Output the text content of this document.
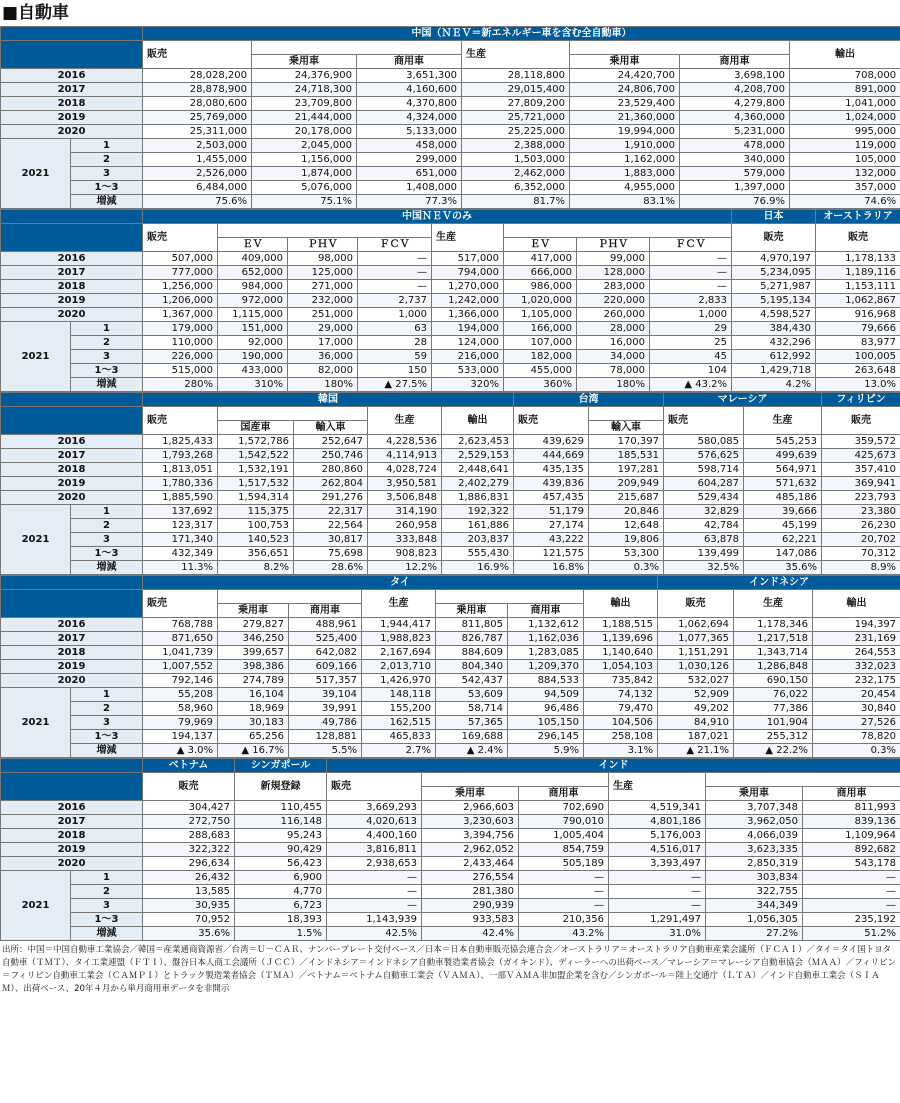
■自動車
		中国（ＮＥＶ＝新エネルギー車を含む全自動車）						
		販売			生産			輸出
			乗用車	商用車		乗用車	商用車	
2016		28,028,200	24,376,900	3,651,300	28,118,800	24,420,700	3,698,100	708,000
2017		28,878,900	24,718,300	4,160,600	29,015,400	24,806,700	4,208,700	891,000
2018		28,080,600	23,709,800	4,370,800	27,809,200	23,529,400	4,279,800	1,041,000
2019		25,769,000	21,444,000	4,324,000	25,721,000	21,360,000	4,360,000	1,024,000
2020		25,311,000	20,178,000	5,133,000	25,225,000	19,994,000	5,231,000	995,000
2021	1	2,503,000	2,045,000	458,000	2,388,000	1,910,000	478,000	119,000
	2	1,455,000	1,156,000	299,000	1,503,000	1,162,000	340,000	105,000
	3	2,526,000	1,874,000	651,000	2,462,000	1,883,000	579,000	132,000
	1～3	6,484,000	5,076,000	1,408,000	6,352,000	4,955,000	1,397,000	357,000
	増減	75.6%	75.1%	77.3%	81.7%	83.1%	76.9%	74.6%
		中国ＮＥＶのみ								日本	オーストラリア
		販売				生産				販売	販売
			ＥＶ	ＰＨＶ	ＦＣＶ		ＥＶ	ＰＨＶ	ＦＣＶ		
2016		507,000	409,000	98,000	—	517,000	417,000	99,000	—	4,970,197	1,178,133
2017		777,000	652,000	125,000	—	794,000	666,000	128,000	—	5,234,095	1,189,116
2018		1,256,000	984,000	271,000	—	1,270,000	986,000	283,000	—	5,271,987	1,153,111
2019		1,206,000	972,000	232,000	2,737	1,242,000	1,020,000	220,000	2,833	5,195,134	1,062,867
2020		1,367,000	1,115,000	251,000	1,000	1,366,000	1,105,000	260,000	1,000	4,598,527	916,968
2021	1	179,000	151,000	29,000	63	194,000	166,000	28,000	29	384,430	79,666
	2	110,000	92,000	17,000	28	124,000	107,000	16,000	25	432,296	83,977
	3	226,000	190,000	36,000	59	216,000	182,000	34,000	45	612,992	100,005
	1～3	515,000	433,000	82,000	150	533,000	455,000	78,000	104	1,429,718	263,648
	増減	280%	310%	180%	▲ 27.5%	320%	360%	180%	▲ 43.2%	4.2%	13.0%
		韓国					台湾		マレーシア		フィリピン
		販売			生産	輸出	販売		販売	生産	販売
			国産車	輸入車				輸入車			
2016		1,825,433	1,572,786	252,647	4,228,536	2,623,453	439,629	170,397	580,085	545,253	359,572
2017		1,793,268	1,542,522	250,746	4,114,913	2,529,153	444,669	185,531	576,625	499,639	425,673
2018		1,813,051	1,532,191	280,860	4,028,724	2,448,641	435,135	197,281	598,714	564,971	357,410
2019		1,780,336	1,517,532	262,804	3,950,581	2,402,279	439,836	209,949	604,287	571,632	369,941
2020		1,885,590	1,594,314	291,276	3,506,848	1,886,831	457,435	215,687	529,434	485,186	223,793
2021	1	137,692	115,375	22,317	314,190	192,322	51,179	20,846	32,829	39,666	23,380
	2	123,317	100,753	22,564	260,958	161,886	27,174	12,648	42,784	45,199	26,230
	3	171,340	140,523	30,817	333,848	203,837	43,222	19,806	63,878	62,221	20,702
	1～3	432,349	356,651	75,698	908,823	555,430	121,575	53,300	139,499	147,086	70,312
	増減	11.3%	8.2%	28.6%	12.2%	16.9%	16.8%	0.3%	32.5%	35.6%	8.9%
		タイ							インドネシア		
		販売			生産			輸出	販売	生産	輸出
			乗用車	商用車		乗用車	商用車				
2016		768,788	279,827	488,961	1,944,417	811,805	1,132,612	1,188,515	1,062,694	1,178,346	194,397
2017		871,650	346,250	525,400	1,988,823	826,787	1,162,036	1,139,696	1,077,365	1,217,518	231,169
2018		1,041,739	399,657	642,082	2,167,694	884,609	1,283,085	1,140,640	1,151,291	1,343,714	264,553
2019		1,007,552	398,386	609,166	2,013,710	804,340	1,209,370	1,054,103	1,030,126	1,286,848	332,023
2020		792,146	274,789	517,357	1,426,970	542,437	884,533	735,842	532,027	690,150	232,175
2021	1	55,208	16,104	39,104	148,118	53,609	94,509	74,132	52,909	76,022	20,454
	2	58,960	18,969	39,991	155,200	58,714	96,486	79,470	49,202	77,386	30,840
	3	79,969	30,183	49,786	162,515	57,365	105,150	104,506	84,910	101,904	27,526
	1～3	194,137	65,256	128,881	465,833	169,688	296,145	258,108	187,021	255,312	78,820
	増減	▲ 3.0%	▲ 16.7%	5.5%	2.7%	▲ 2.4%	5.9%	3.1%	▲ 21.1%	▲ 22.2%	0.3%
		ベトナム	シンガポール	インド					
		販売	新規登録	販売			生産		
					乗用車	商用車		乗用車	商用車
2016		304,427	110,455	3,669,293	2,966,603	702,690	4,519,341	3,707,348	811,993
2017		272,750	116,148	4,020,613	3,230,603	790,010	4,801,186	3,962,050	839,136
2018		288,683	95,243	4,400,160	3,394,756	1,005,404	5,176,003	4,066,039	1,109,964
2019		322,322	90,429	3,816,811	2,962,052	854,759	4,516,017	3,623,335	892,682
2020		296,634	56,423	2,938,653	2,433,464	505,189	3,393,497	2,850,319	543,178
2021	1	26,432	6,900	—	276,554	—	—	303,834	—
	2	13,585	4,770	—	281,380	—	—	322,755	—
	3	30,935	6,723	—	290,939	—	—	344,349	—
	1～3	70,952	18,393	1,143,939	933,583	210,356	1,291,497	1,056,305	235,192
	増減	35.6%	1.5%	42.5%	42.4%	43.2%	31.0%	27.2%	51.2%
出所：中国＝中国自動車工業協会／韓国＝産業通商資源省／台湾＝Ｕ－ＣＡＲ、ナンバープレート交付ベース／日本＝日本自動車販売協会連合会／オーストラリア＝オーストラリア自動車産業会議所（ＦＣＡＩ）／タイ＝タイ国トヨタ自動車（ＴＭＴ）、タイ工業連盟（ＦＴＩ）、盤谷日本人商工会議所（ＪＣＣ）／インドネシア＝インドネシア自動車製造業者協会（ガイキンド）、ディーラーへの出荷ベース／マレーシア＝マレーシア自動車協会（ＭＡＡ）／フィリピン＝フィリピン自動車工業会（ＣＡＭＰＩ）とトラック製造業者協会（ＴＭＡ）／ベトナム＝ベトナム自動車工業会（ＶＡＭＡ）、一部ＶＡＭＡ非加盟企業を含む／シンガポール＝陸上交通庁（ＬＴＡ）／インド自動車工業会（ＳＩＡＭ）、出荷ベース、20年４月から単月商用車データを非開示
